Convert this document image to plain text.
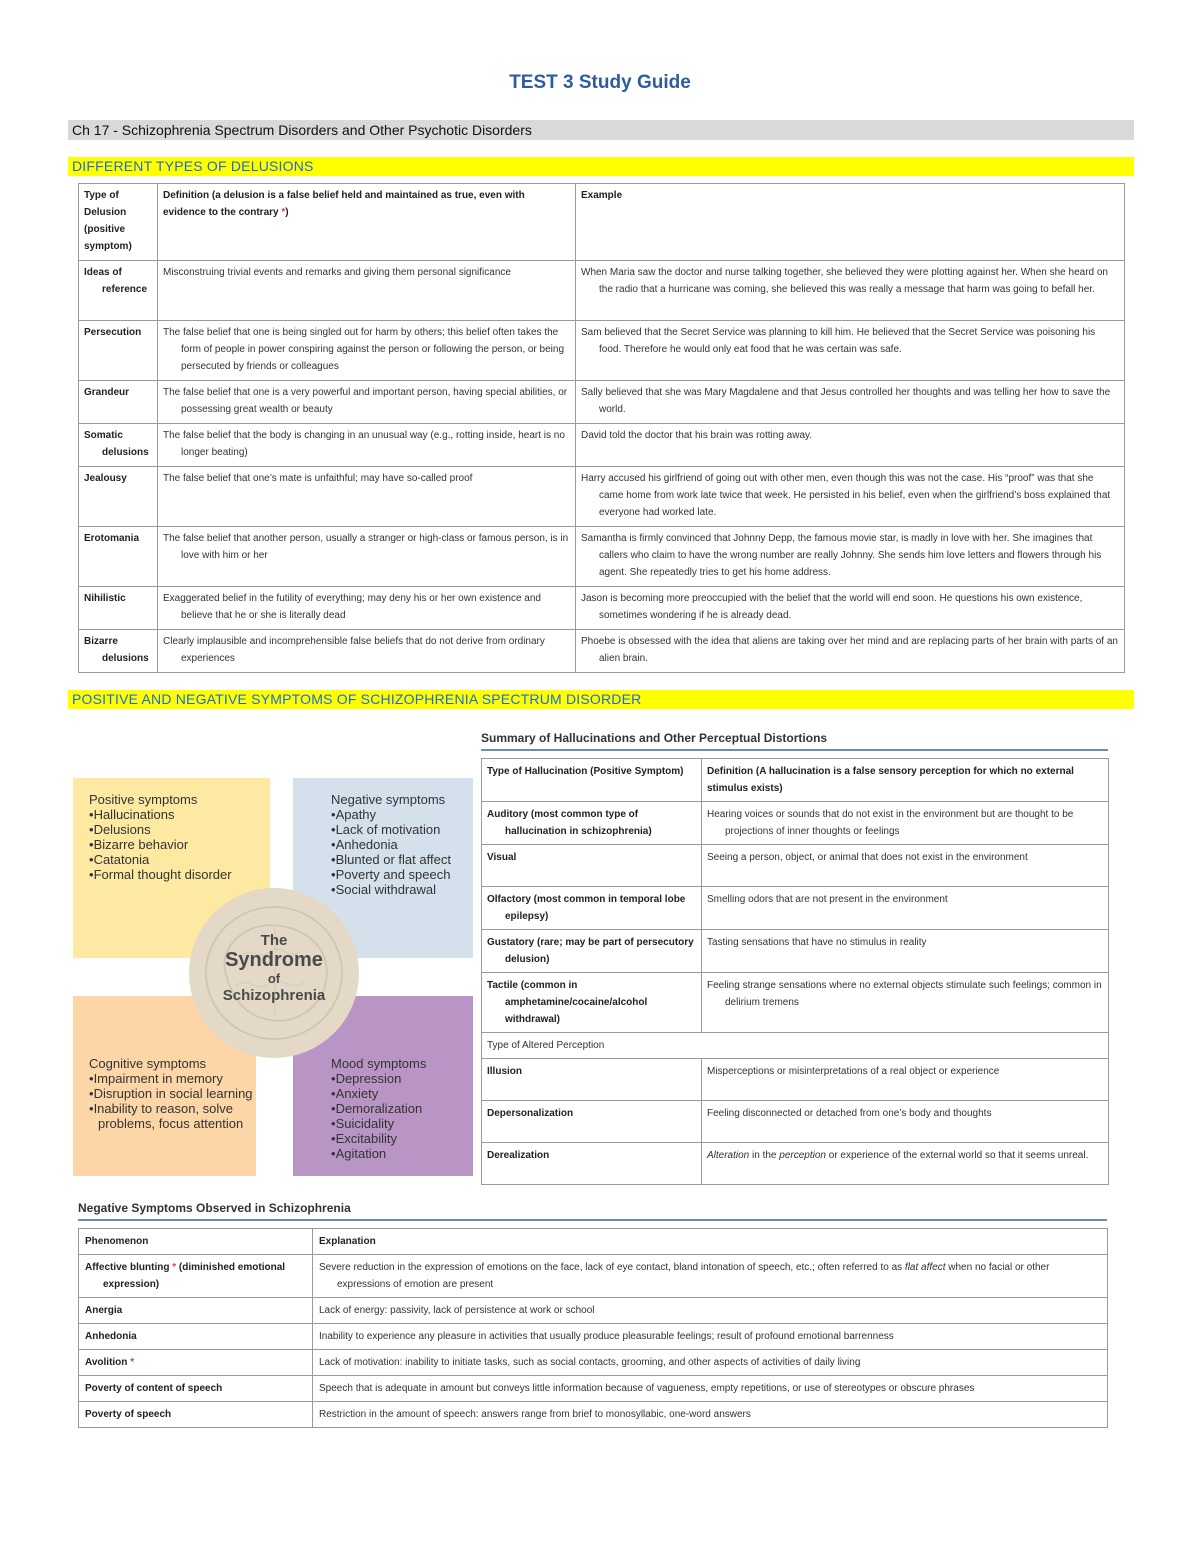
TEST 3 Study Guide
Ch 17 - Schizophrenia Spectrum Disorders and Other Psychotic Disorders
DIFFERENT TYPES OF DELUSIONS
Type of Delusion (positive symptom)	Definition (a delusion is a false belief held and maintained as true, even with evidence to the contrary *)	Example

Ideas of reference	Misconstruing trivial events and remarks and giving them personal significance	When Maria saw the doctor and nurse talking together, she believed they were plotting against her. When she heard on the radio that a hurricane was coming, she believed this was really a message that harm was going to befall her.

Persecution	The false belief that one is being singled out for harm by others; this belief often takes the form of people in power conspiring against the person or following the person, or being persecuted by friends or colleagues	Sam believed that the Secret Service was planning to kill him. He believed that the Secret Service was poisoning his food. Therefore he would only eat food that he was certain was safe.

Grandeur	The false belief that one is a very powerful and important person, having special abilities, or possessing great wealth or beauty	Sally believed that she was Mary Magdalene and that Jesus controlled her thoughts and was telling her how to save the world.

Somatic delusions	The false belief that the body is changing in an unusual way (e.g., rotting inside, heart is no longer beating)	David told the doctor that his brain was rotting away.

Jealousy	The false belief that one’s mate is unfaithful; may have so-called proof	Harry accused his girlfriend of going out with other men, even though this was not the case. His “proof” was that she came home from work late twice that week. He persisted in his belief, even when the girlfriend’s boss explained that everyone had worked late.

Erotomania	The false belief that another person, usually a stranger or high-class or famous person, is in love with him or her	Samantha is firmly convinced that Johnny Depp, the famous movie star, is madly in love with her. She imagines that callers who claim to have the wrong number are really Johnny. She sends him love letters and flowers through his agent. She repeatedly tries to get his home address.

Nihilistic	Exaggerated belief in the futility of everything; may deny his or her own existence and believe that he or she is literally dead	Jason is becoming more preoccupied with the belief that the world will end soon. He questions his own existence, sometimes wondering if he is already dead.

Bizarre delusions	Clearly implausible and incomprehensible false beliefs that do not derive from ordinary experiences	Phoebe is obsessed with the idea that aliens are taking over her mind and are replacing parts of her brain with parts of an alien brain.
POSITIVE AND NEGATIVE SYMPTOMS OF SCHIZOPHRENIA SPECTRUM DISORDER
Positive symptoms
• Hallucinations
• Delusions
• Bizarre behavior
• Catatonia
• Formal thought disorder
Negative symptoms
• Apathy
• Lack of motivation
• Anhedonia
• Blunted or flat affect
• Poverty and speech
• Social withdrawal
Cognitive symptoms
• Impairment in memory
• Disruption in social learning
• Inability to reason, solve problems, focus attention
Mood symptoms
• Depression
• Anxiety
• Demoralization
• Suicidality
• Excitability
• Agitation
The
Syndrome
of
Schizophrenia
Summary of Hallucinations and Other Perceptual Distortions
Type of Hallucination (Positive Symptom)	Definition (A hallucination is a false sensory perception for which no external stimulus exists)

Auditory (most common type of hallucination in schizophrenia)	Hearing voices or sounds that do not exist in the environment but are thought to be projections of inner thoughts or feelings

Visual	Seeing a person, object, or animal that does not exist in the environment

Olfactory (most common in temporal lobe epilepsy)	Smelling odors that are not present in the environment

Gustatory (rare; may be part of persecutory delusion)	Tasting sensations that have no stimulus in reality

Tactile (common in amphetamine/cocaine/alcohol withdrawal)	Feeling strange sensations where no external objects stimulate such feelings; common in delirium tremens

Type of Altered Perception	

Illusion	Misperceptions or misinterpretations of a real object or experience

Depersonalization	Feeling disconnected or detached from one’s body and thoughts

Derealization	Alteration in the perception or experience of the external world so that it seems unreal.
Negative Symptoms Observed in Schizophrenia
Phenomenon	Explanation

Affective blunting * (diminished emotional expression)	Severe reduction in the expression of emotions on the face, lack of eye contact, bland intonation of speech, etc.; often referred to as flat affect when no facial or other expressions of emotion are present

Anergia	Lack of energy: passivity, lack of persistence at work or school
Anhedonia	Inability to experience any pleasure in activities that usually produce pleasurable feelings; result of profound emotional barrenness
Avolition *	Lack of motivation: inability to initiate tasks, such as social contacts, grooming, and other aspects of activities of daily living
Poverty of content of speech	Speech that is adequate in amount but conveys little information because of vagueness, empty repetitions, or use of stereotypes or obscure phrases
Poverty of speech	Restriction in the amount of speech: answers range from brief to monosyllabic, one-word answers
